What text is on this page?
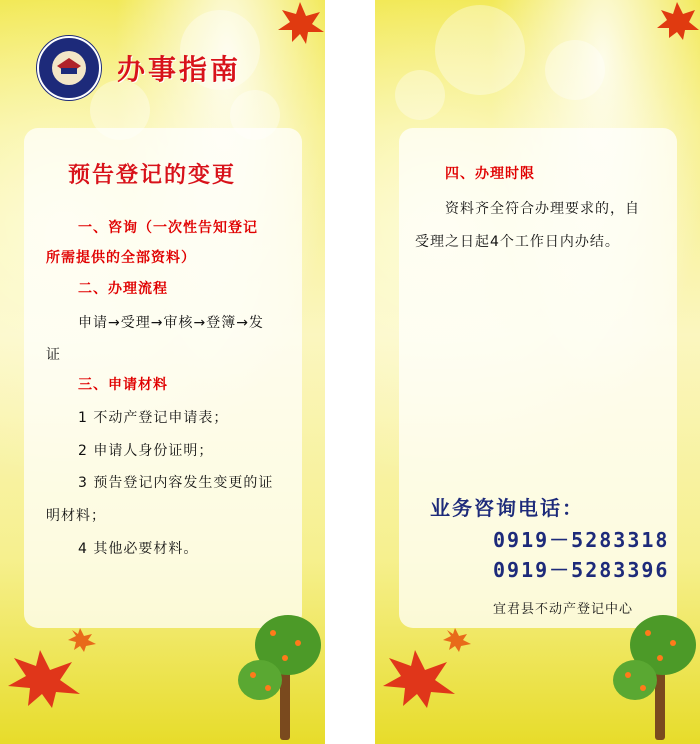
办事指南
预告登记的变更
一、咨询（一次性告知登记
所需提供的全部资料）
二、办理流程
申请→受理→审核→登簿→发
证
三、申请材料
1 不动产登记申请表；
2 申请人身份证明；
3 预告登记内容发生变更的证
明材料；
4 其他必要材料。
四、办理时限
资料齐全符合办理要求的，自
受理之日起4个工作日内办结。
业务咨询电话：
0919－5283318
0919－5283396
宜君县不动产登记中心
